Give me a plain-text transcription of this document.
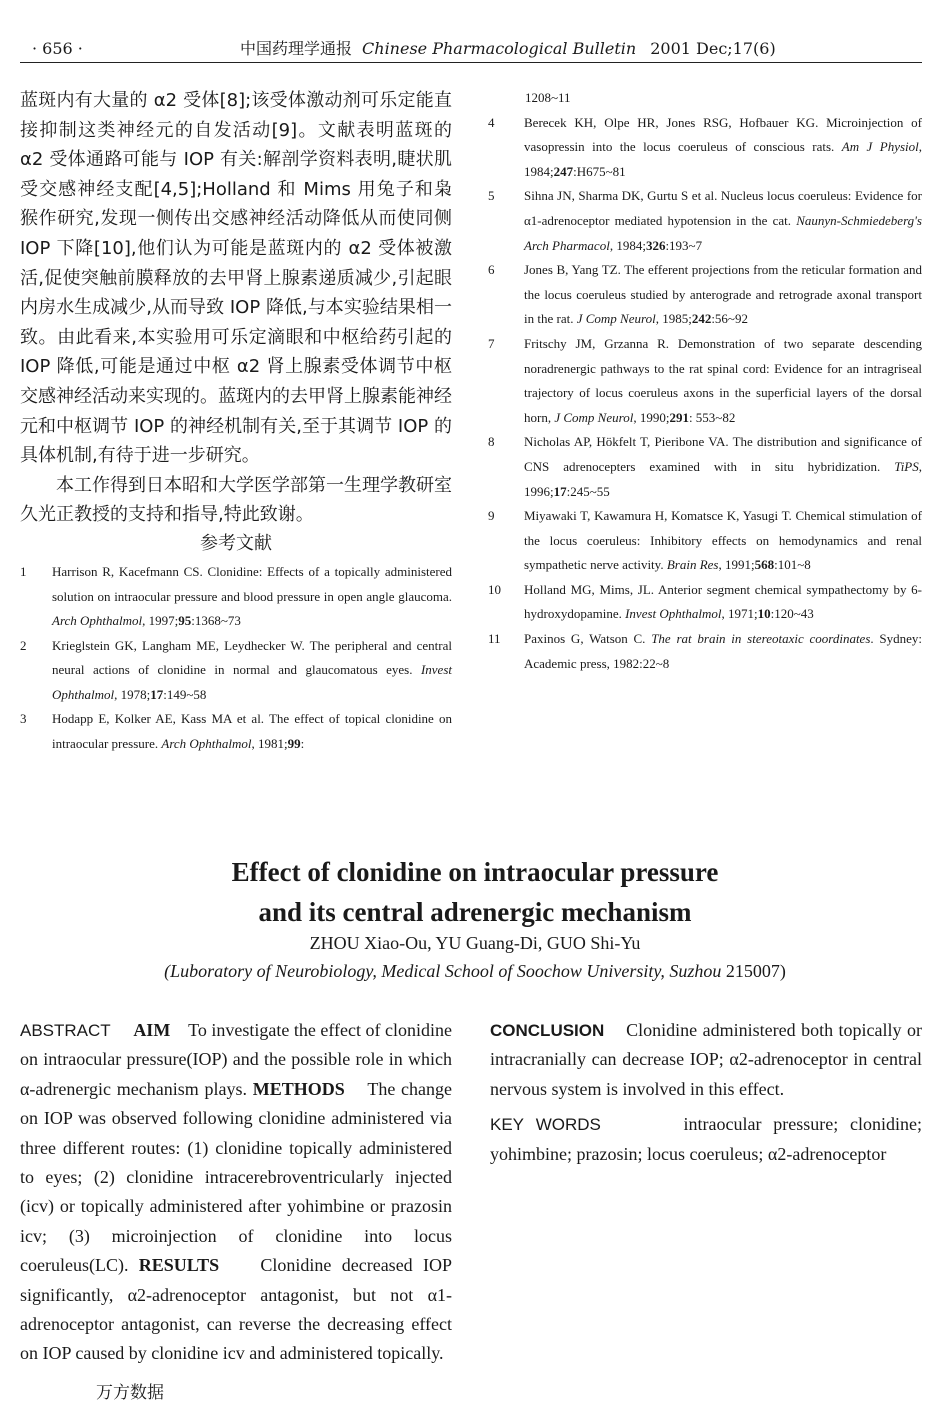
· 656 ·	中国药理学通报 Chinese Pharmacological Bulletin 2001 Dec;17(6)

蓝斑内有大量的 α2 受体[8];该受体激动剂可乐定能直接抑制这类神经元的自发活动[9]。文献表明蓝斑的 α2 受体通路可能与 IOP 有关:解剖学资料表明,睫状肌受交感神经支配[4,5];Holland 和 Mims 用兔子和枭猴作研究,发现一侧传出交感神经活动降低从而使同侧 IOP 下降[10],他们认为可能是蓝斑内的 α2 受体被激活,促使突触前膜释放的去甲肾上腺素递质减少,引起眼内房水生成减少,从而导致 IOP 降低,与本实验结果相一致。由此看来,本实验用可乐定滴眼和中枢给药引起的 IOP 降低,可能是通过中枢 α2 肾上腺素受体调节中枢交感神经活动来实现的。蓝斑内的去甲肾上腺素能神经元和中枢调节 IOP 的神经机制有关,至于其调节 IOP 的具体机制,有待于进一步研究。

本工作得到日本昭和大学医学部第一生理学教研室久光正教授的支持和指导,特此致谢。

参考文献
1 Harrison R, Kacefmann CS. Clonidine: Effects of a topically administered solution on intraocular pressure and blood pressure in open angle glaucoma. Arch Ophthalmol, 1997;95:1368~73
2 Krieglstein GK, Langham ME, Leydhecker W. The peripheral and central neural actions of clonidine in normal and glaucomatous eyes. Invest Ophthalmol, 1978;17:149~58
3 Hodapp E, Kolker AE, Kass MA et al. The effect of topical clonidine on intraocular pressure. Arch Ophthalmol, 1981;99:
1208~11
4 Berecek KH, Olpe HR, Jones RSG, Hofbauer KG. Microinjection of vasopressin into the locus coeruleus of conscious rats. Am J Physiol, 1984;247:H675~81
5 Sihna JN, Sharma DK, Gurtu S et al. Nucleus locus coeruleus: Evidence for α1-adrenoceptor mediated hypotension in the cat. Naunyn-Schmiedeberg's Arch Pharmacol, 1984;326:193~7
6 Jones B, Yang TZ. The efferent projections from the reticular formation and the locus coeruleus studied by anterograde and retrograde axonal transport in the rat. J Comp Neurol, 1985;242:56~92
7 Fritschy JM, Grzanna R. Demonstration of two separate descending noradrenergic pathways to the rat spinal cord: Evidence for an intragriseal trajectory of locus coeruleus axons in the superficial layers of the dorsal horn, J Comp Neurol, 1990;291: 553~82
8 Nicholas AP, Hökfelt T, Pieribone VA. The distribution and significance of CNS adrenocepters examined with in situ hybridization. TiPS, 1996;17:245~55
9 Miyawaki T, Kawamura H, Komatsce K, Yasugi T. Chemical stimulation of the locus coeruleus: Inhibitory effects on hemodynamics and renal sympathetic nerve activity. Brain Res, 1991;568:101~8
10 Holland MG, Mims, JL. Anterior segment chemical sympathectomy by 6-hydroxydopamine. Invest Ophthalmol, 1971;10:120~43
11 Paxinos G, Watson C. The rat brain in stereotaxic coordinates. Sydney: Academic press, 1982:22~8
Effect of clonidine on intraocular pressure
and its central adrenergic mechanism
ZHOU Xiao-Ou, YU Guang-Di, GUO Shi-Yu
(Luboratory of Neurobiology, Medical School of Soochow University, Suzhou 215007)

ABSTRACT AIM To investigate the effect of clonidine on intraocular pressure(IOP) and the possible role in which α-adrenergic mechanism plays. METHODS The change on IOP was observed following clonidine administered via three different routes: (1) clonidine topically administered to eyes; (2) clonidine intracerebroventricularly injected (icv) or topically administered after yohimbine or prazosin icv; (3) microinjection of clonidine into locus coeruleus(LC). RESULTS Clonidine decreased IOP significantly, α2-adrenoceptor antagonist, but not α1-adrenoceptor antagonist, can reverse the decreasing effect on IOP caused by clonidine icv and administered topically.

CONCLUSION Clonidine administered both topically or intracranially can decrease IOP; α2-adrenoceptor in central nervous system is involved in this effect.

KEY WORDS	intraocular pressure; clonidine; yohimbine; prazosin; locus coeruleus; α2-adrenoceptor

万方数据
